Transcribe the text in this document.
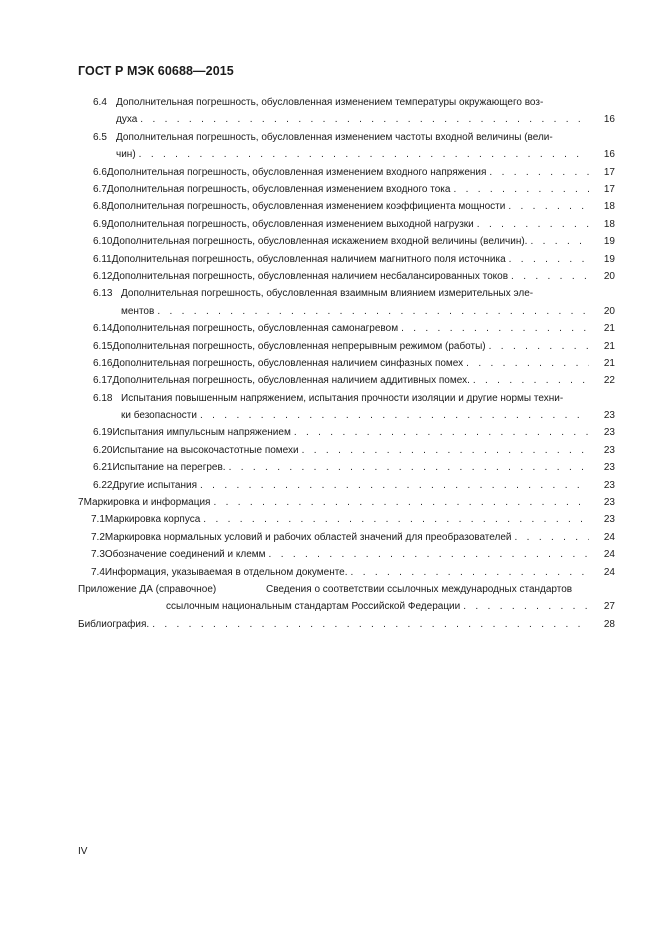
ГОСТ Р МЭК 60688—2015
6.4 Дополнительная погрешность, обусловленная изменением температуры окружающего воз-
духа . . .	16
6.5 Дополнительная погрешность, обусловленная изменением частоты входной величины (вели-
чин) . . .	16
6.6 Дополнительная погрешность, обусловленная изменением входного напряжения . . .	17
6.7 Дополнительная погрешность, обусловленная изменением входного тока . . .	17
6.8 Дополнительная погрешность, обусловленная изменением коэффициента мощности . . .	18
6.9 Дополнительная погрешность, обусловленная изменением выходной нагрузки . . .	18
6.10 Дополнительная погрешность, обусловленная искажением входной величины (величин). . . .	19
6.11 Дополнительная погрешность, обусловленная наличием магнитного поля источника . . .	19
6.12 Дополнительная погрешность, обусловленная наличием несбалансированных токов . . .	20
6.13 Дополнительная погрешность, обусловленная взаимным влиянием измерительных эле-
ментов . . .	20
6.14 Дополнительная погрешность, обусловленная самонагревом . . .	21
6.15 Дополнительная погрешность, обусловленная непрерывным режимом (работы) . . .	21
6.16 Дополнительная погрешность, обусловленная наличием синфазных помех . . .	21
6.17 Дополнительная погрешность, обусловленная наличием аддитивных помех. . . .	22
6.18 Испытания повышенным напряжением, испытания прочности изоляции и другие нормы техни-
ки безопасности . . .	23
6.19 Испытания импульсным напряжением . . .	23
6.20 Испытание на высокочастотные помехи . . .	23
6.21 Испытание на перегрев. . . .	23
6.22 Другие испытания . . .	23
7 Маркировка и информация . . .	23
7.1 Маркировка корпуса . . .	23
7.2 Маркировка нормальных условий и рабочих областей значений для преобразователей . . .	24
7.3 Обозначение соединений и клемм . . .	24
7.4 Информация, указываемая в отдельном документе. . . .	24
Приложение ДА (справочное)	Сведения о соответствии ссылочных международных стандартов
ссылочным национальным стандартам Российской Федерации . . .	27
Библиография. . . .	28
IV
